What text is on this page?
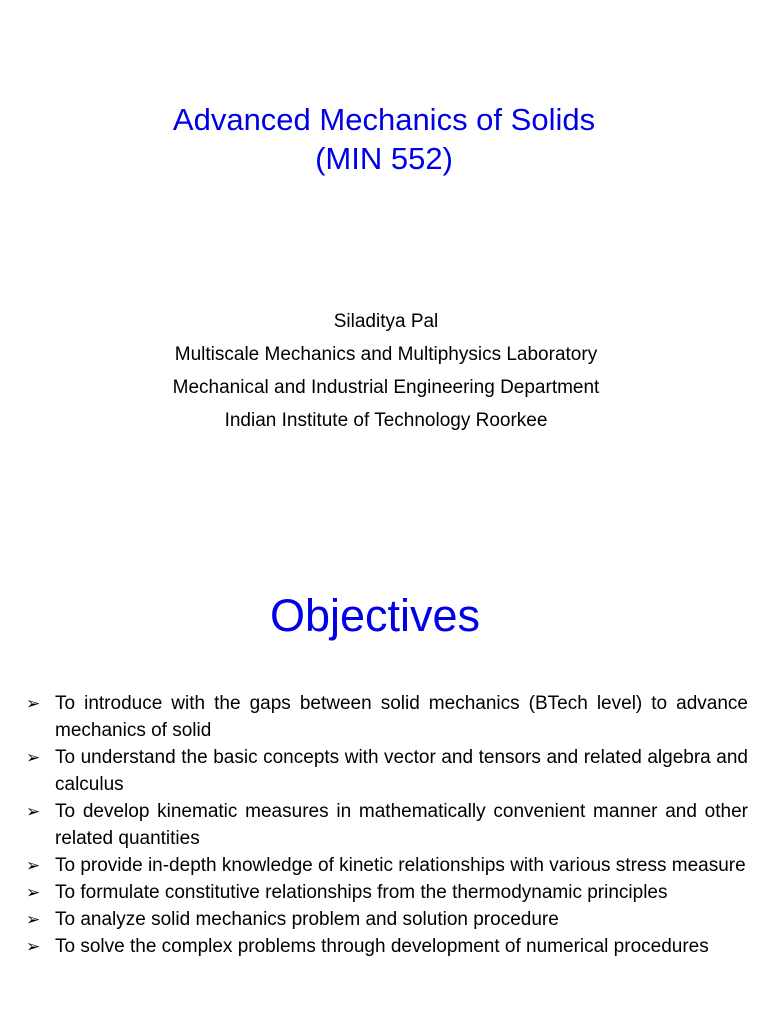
Advanced Mechanics of Solids
(MIN 552)
Siladitya Pal
Multiscale Mechanics and Multiphysics Laboratory
Mechanical and Industrial Engineering Department
Indian Institute of Technology Roorkee
Objectives
➢ To introduce with the gaps between solid mechanics (BTech level) to advance mechanics of solid
➢ To understand the basic concepts with vector and tensors and related algebra and calculus
➢ To develop kinematic measures in mathematically convenient manner and other related quantities
➢ To provide in-depth knowledge of kinetic relationships with various stress measure
➢ To formulate constitutive relationships from the thermodynamic principles
➢ To analyze solid mechanics problem and solution procedure
➢ To solve the complex problems through development of numerical procedures
